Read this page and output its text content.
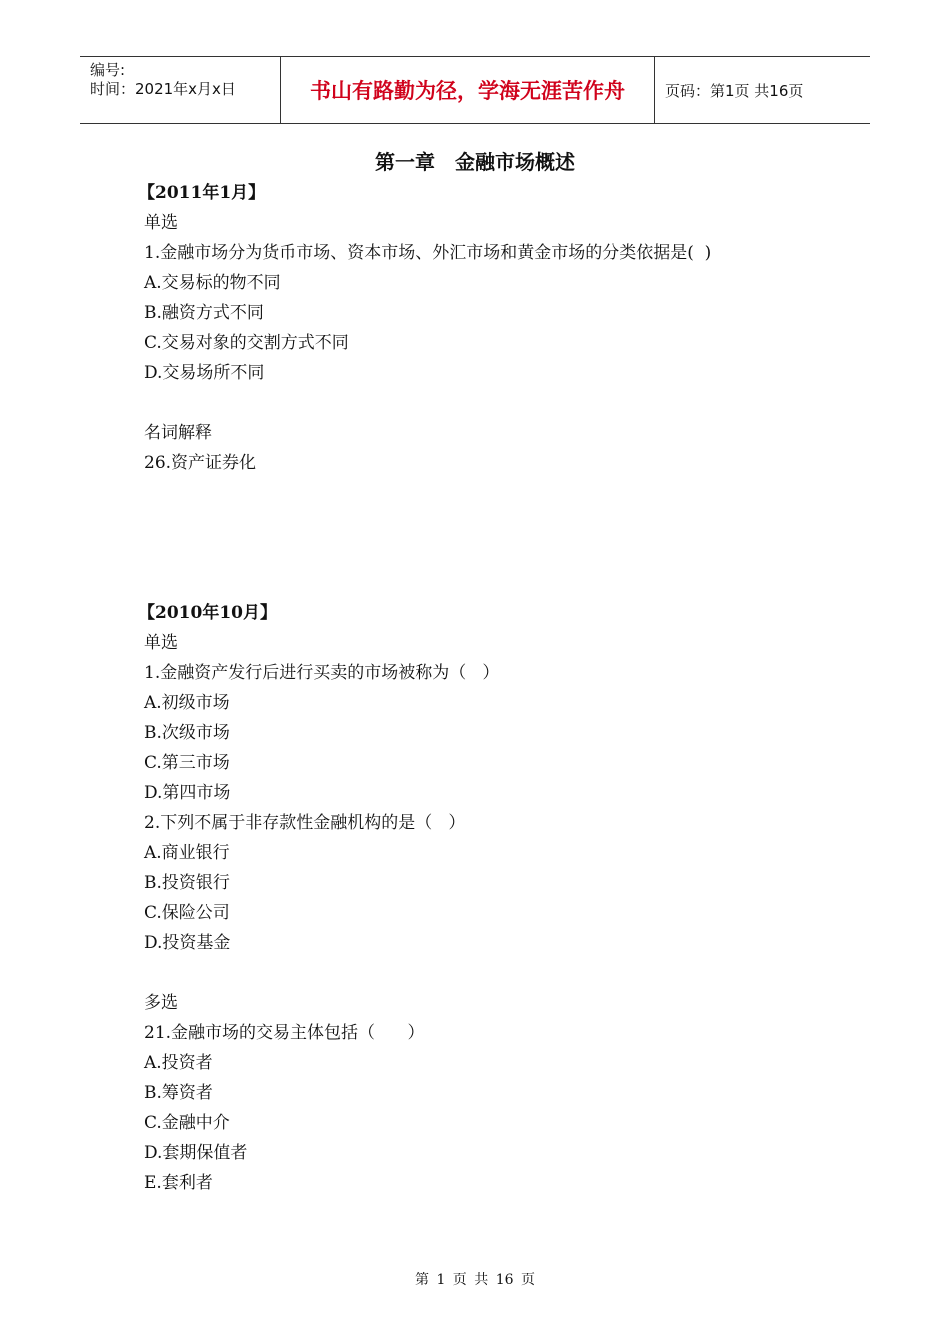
编号:
时间：2021年x月x日	书山有路勤为径，学海无涯苦作舟	页码：第1页 共16页
第一章　金融市场概述
【2011年1月】
单选
1.金融市场分为货币市场、资本市场、外汇市场和黄金市场的分类依据是(  )
A.交易标的物不同
B.融资方式不同
C.交易对象的交割方式不同
D.交易场所不同
名词解释
26.资产证券化
【2010年10月】
单选
1.金融资产发行后进行买卖的市场被称为（   ）
A.初级市场
B.次级市场
C.第三市场
D.第四市场
2.下列不属于非存款性金融机构的是（   ）
A.商业银行
B.投资银行
C.保险公司
D.投资基金
多选
21.金融市场的交易主体包括（      ）
A.投资者
B.筹资者
C.金融中介
D.套期保值者
E.套利者
第 1 页 共 16 页
